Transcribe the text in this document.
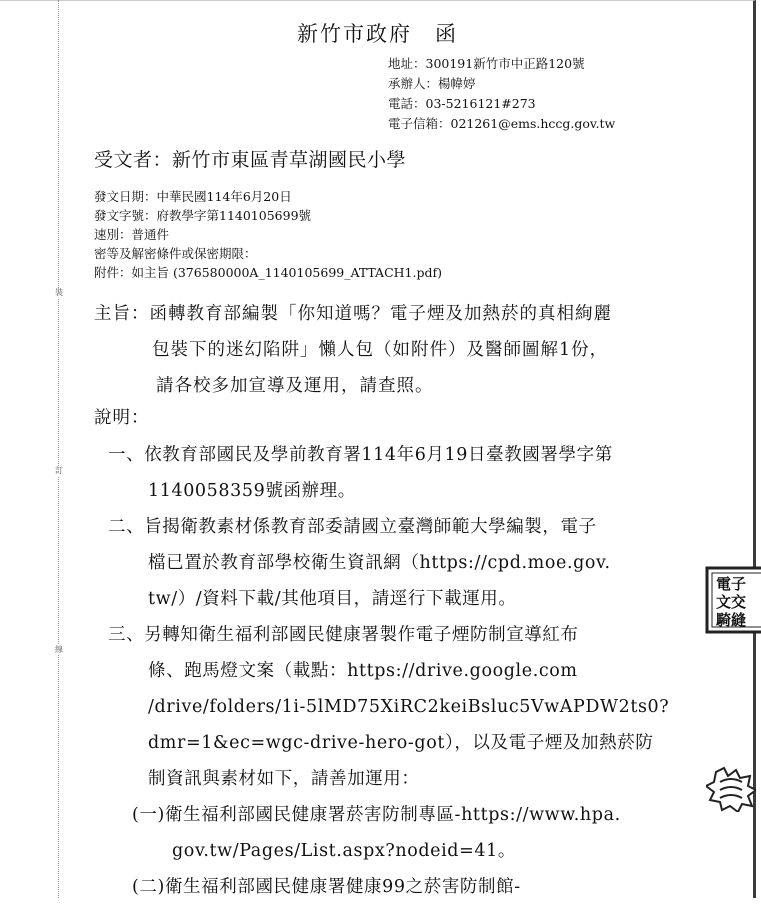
裝
訂
線
新竹市政府　函
地址：300191新竹市中正路120號
承辦人：楊幃婷
電話：03-5216121#273
電子信箱：021261@ems.hccg.gov.tw
受文者：新竹市東區青草湖國民小學
發文日期：中華民國114年6月20日
發文字號：府教學字第1140105699號
速別：普通件
密等及解密條件或保密期限：
附件：如主旨 (376580000A_1140105699_ATTACH1.pdf)
主旨：函轉教育部編製「你知道嗎？電子煙及加熱菸的真相絢麗
包裝下的迷幻陷阱」懶人包（如附件）及醫師圖解1份，
請各校多加宣導及運用，請查照。
說明：
一、依教育部國民及學前教育署114年6月19日臺教國署學字第
1140058359號函辦理。
二、旨揭衛教素材係教育部委請國立臺灣師範大學編製，電子
檔已置於教育部學校衛生資訊網（https://cpd.moe.gov.
tw/）/資料下載/其他項目，請逕行下載運用。
三、另轉知衛生福利部國民健康署製作電子煙防制宣導紅布
條、跑馬燈文案（載點：https://drive.google.com
/drive/folders/1i-5lMD75XiRC2keiBsluc5VwAPDW2ts0?
dmr=1&ec=wgc-drive-hero-got），以及電子煙及加熱菸防
制資訊與素材如下，請善加運用：
(一)衛生福利部國民健康署菸害防制專區-https://www.hpa.
gov.tw/Pages/List.aspx?nodeid=41。
(二)衛生福利部國民健康署健康99之菸害防制館-
電子
文交
騎縫
